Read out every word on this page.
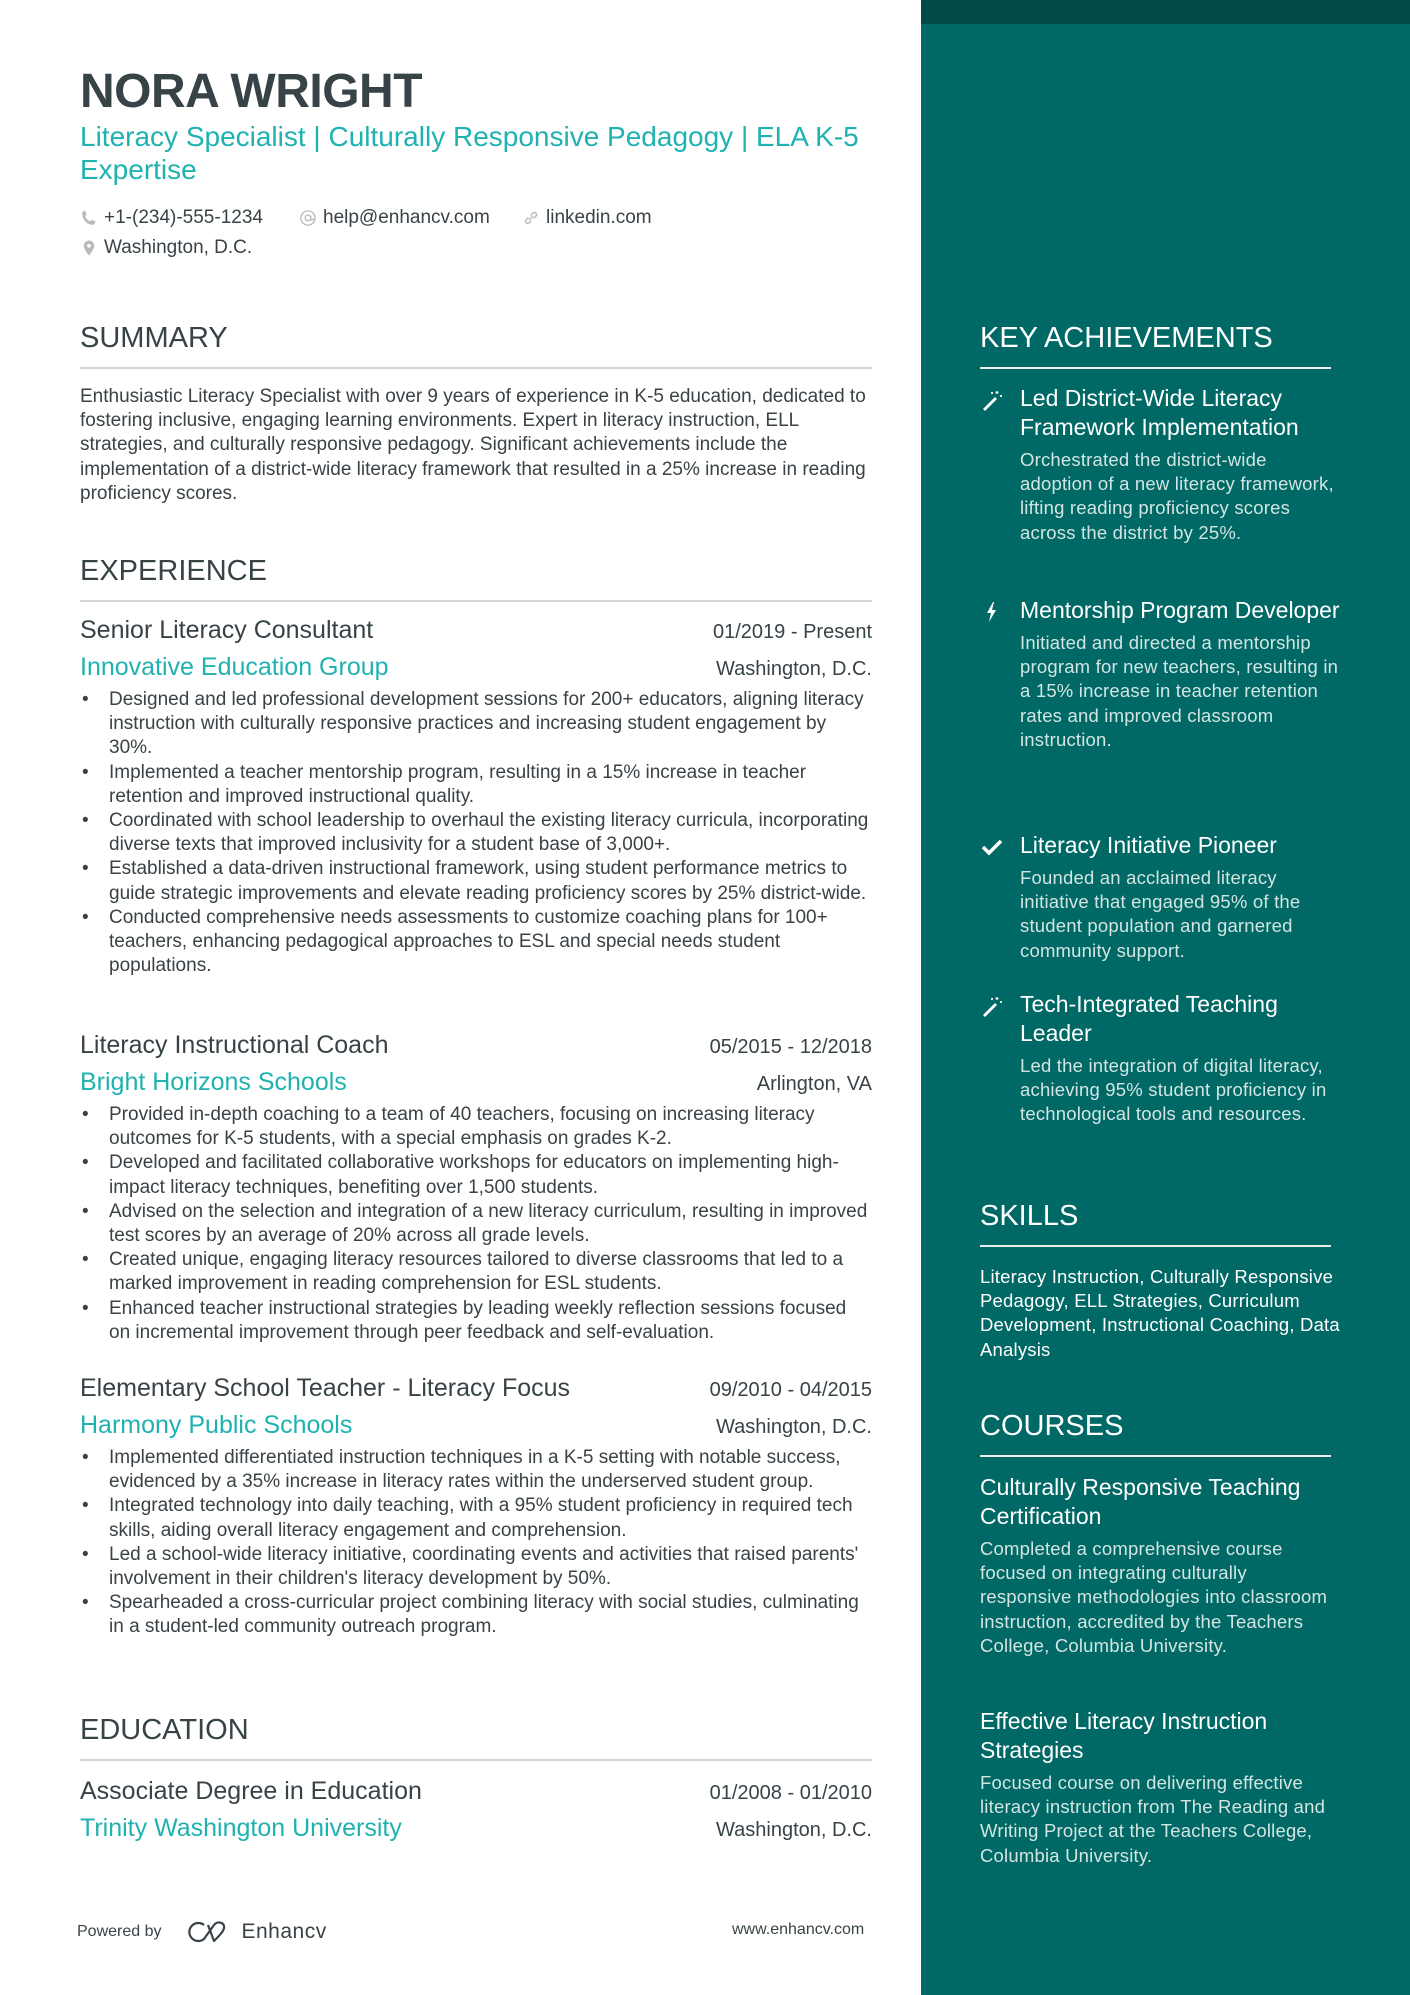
NORA WRIGHT
Literacy Specialist | Culturally Responsive Pedagogy | ELA K-5 Expertise
+1-(234)-555-1234	help@enhancv.com	linkedin.com
Washington, D.C.
SUMMARY
Enthusiastic Literacy Specialist with over 9 years of experience in K-5 education, dedicated to fostering inclusive, engaging learning environments. Expert in literacy instruction, ELL strategies, and culturally responsive pedagogy. Significant achievements include the implementation of a district-wide literacy framework that resulted in a 25% increase in reading proficiency scores.
EXPERIENCE
Senior Literacy Consultant	01/2019 - Present
Innovative Education Group	Washington, D.C.
• Designed and led professional development sessions for 200+ educators, aligning literacy instruction with culturally responsive practices and increasing student engagement by 30%.
• Implemented a teacher mentorship program, resulting in a 15% increase in teacher retention and improved instructional quality.
• Coordinated with school leadership to overhaul the existing literacy curricula, incorporating diverse texts that improved inclusivity for a student base of 3,000+.
• Established a data-driven instructional framework, using student performance metrics to guide strategic improvements and elevate reading proficiency scores by 25% district-wide.
• Conducted comprehensive needs assessments to customize coaching plans for 100+ teachers, enhancing pedagogical approaches to ESL and special needs student populations.
Literacy Instructional Coach	05/2015 - 12/2018
Bright Horizons Schools	Arlington, VA
• Provided in-depth coaching to a team of 40 teachers, focusing on increasing literacy outcomes for K-5 students, with a special emphasis on grades K-2.
• Developed and facilitated collaborative workshops for educators on implementing high-impact literacy techniques, benefiting over 1,500 students.
• Advised on the selection and integration of a new literacy curriculum, resulting in improved test scores by an average of 20% across all grade levels.
• Created unique, engaging literacy resources tailored to diverse classrooms that led to a marked improvement in reading comprehension for ESL students.
• Enhanced teacher instructional strategies by leading weekly reflection sessions focused on incremental improvement through peer feedback and self-evaluation.
Elementary School Teacher - Literacy Focus	09/2010 - 04/2015
Harmony Public Schools	Washington, D.C.
• Implemented differentiated instruction techniques in a K-5 setting with notable success, evidenced by a 35% increase in literacy rates within the underserved student group.
• Integrated technology into daily teaching, with a 95% student proficiency in required tech skills, aiding overall literacy engagement and comprehension.
• Led a school-wide literacy initiative, coordinating events and activities that raised parents' involvement in their children's literacy development by 50%.
• Spearheaded a cross-curricular project combining literacy with social studies, culminating in a student-led community outreach program.
EDUCATION
Associate Degree in Education	01/2008 - 01/2010
Trinity Washington University	Washington, D.C.
KEY ACHIEVEMENTS
Led District-Wide Literacy Framework Implementation
Orchestrated the district-wide adoption of a new literacy framework, lifting reading proficiency scores across the district by 25%.
Mentorship Program Developer
Initiated and directed a mentorship program for new teachers, resulting in a 15% increase in teacher retention rates and improved classroom instruction.
Literacy Initiative Pioneer
Founded an acclaimed literacy initiative that engaged 95% of the student population and garnered community support.
Tech-Integrated Teaching Leader
Led the integration of digital literacy, achieving 95% student proficiency in technological tools and resources.
SKILLS
Literacy Instruction, Culturally Responsive Pedagogy, ELL Strategies, Curriculum Development, Instructional Coaching, Data Analysis
COURSES
Culturally Responsive Teaching Certification
Completed a comprehensive course focused on integrating culturally responsive methodologies into classroom instruction, accredited by the Teachers College, Columbia University.
Effective Literacy Instruction Strategies
Focused course on delivering effective literacy instruction from The Reading and Writing Project at the Teachers College, Columbia University.
Powered by	Enhancv	www.enhancv.com
